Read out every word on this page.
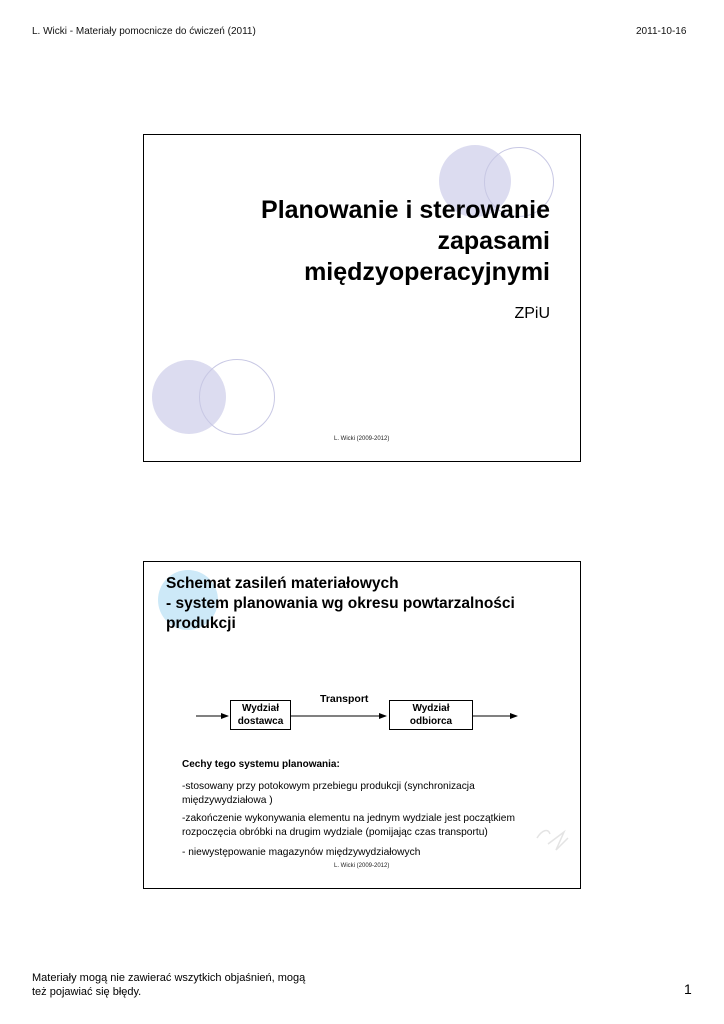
L. Wicki - Materiały pomocnicze do ćwiczeń (2011)	2011-10-16
Planowanie i sterowanie
zapasami
międzyoperacyjnymi
ZPiU
L. Wicki (2009-2012)
Schemat zasileń materiałowych
- system planowania wg okresu powtarzalności
produkcji
Transport
Wydział
dostawca
Wydział
odbiorca
Cechy tego systemu planowania:
-stosowany przy potokowym przebiegu produkcji (synchronizacja
międzywydziałowa )
-zakończenie wykonywania elementu na jednym wydziale jest początkiem
rozpoczęcia obróbki na drugim wydziale (pomijając czas transportu)
- niewystępowanie magazynów międzywydziałowych
L. Wicki (2009-2012)
Materiały mogą nie zawierać wszytkich objaśnień, mogą
też pojawiać się błędy.	1
